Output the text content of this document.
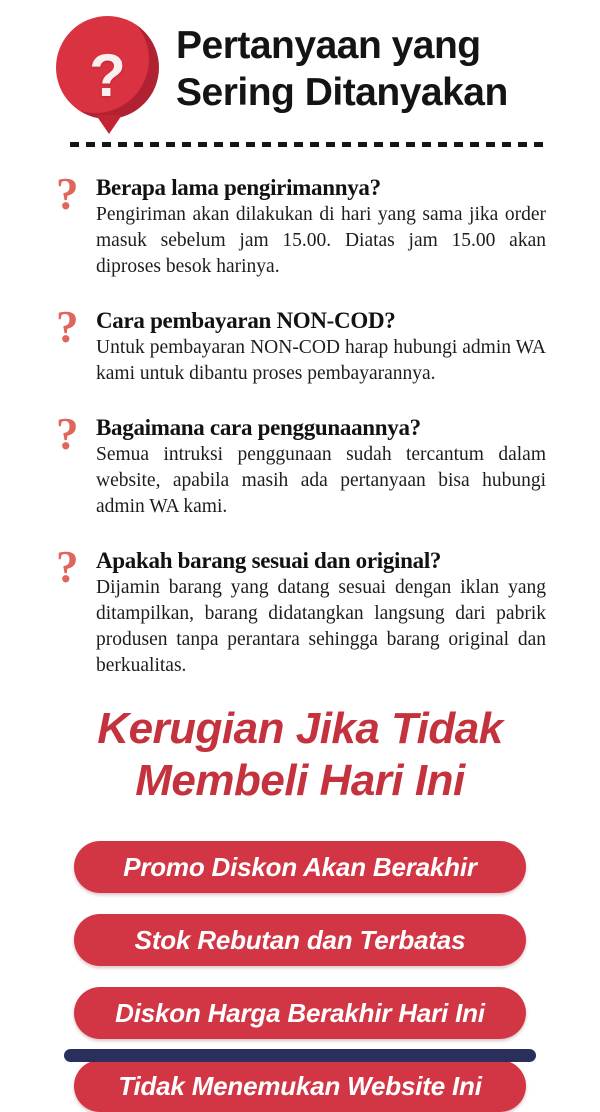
?	Pertanyaan yang
Sering Ditanyakan
? Berapa lama pengirimannya?
Pengiriman akan dilakukan di hari yang sama jika order masuk sebelum jam 15.00. Diatas jam 15.00 akan diproses besok harinya.
? Cara pembayaran NON-COD?
Untuk pembayaran NON-COD harap hubungi admin WA kami untuk dibantu proses pembayarannya.
? Bagaimana cara penggunaannya?
Semua intruksi penggunaan sudah tercantum dalam website, apabila masih ada pertanyaan bisa hubungi admin WA kami.
? Apakah barang sesuai dan original?
Dijamin barang yang datang sesuai dengan iklan yang ditampilkan, barang didatangkan langsung dari pabrik produsen tanpa perantara sehingga barang original dan berkualitas.
Kerugian Jika Tidak
Membeli Hari Ini
Promo Diskon Akan Berakhir
Stok Rebutan dan Terbatas
Diskon Harga Berakhir Hari Ini
Tidak Menemukan Website Ini
